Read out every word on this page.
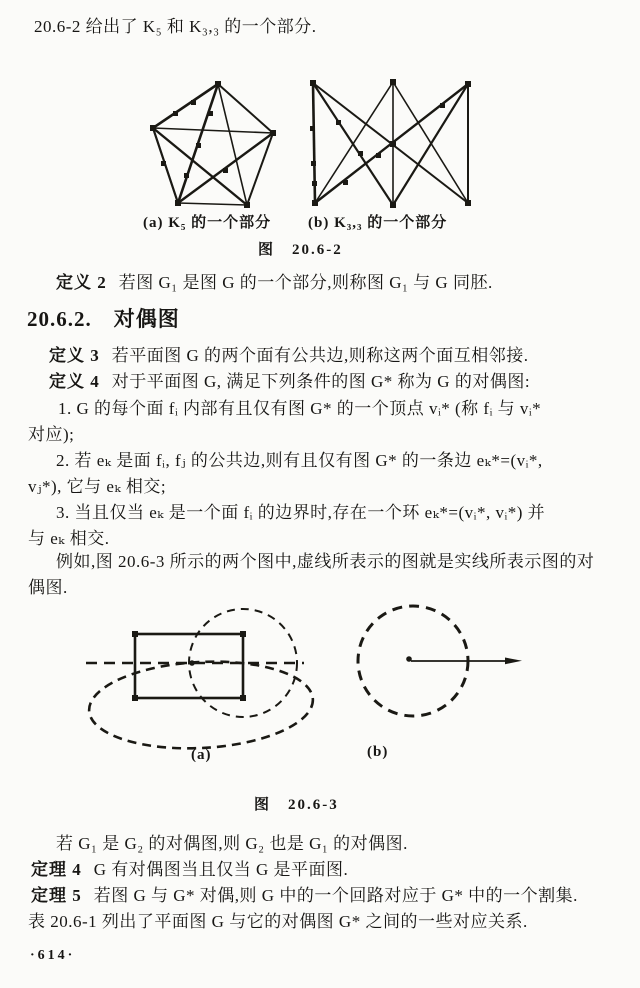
20.6-2 给出了 K₅ 和 K₃,₃ 的一个部分.
(a) K₅ 的一个部分 (b) K₃,₃ 的一个部分
图　20.6-2
定义 2 若图 G₁ 是图 G 的一个部分,则称图 G₁ 与 G 同胚.
20.6.2. 对偶图
定义 3 若平面图 G 的两个面有公共边,则称这两个面互相邻接.
定义 4 对于平面图 G, 满足下列条件的图 G* 称为 G 的对偶图:
1. G 的每个面 fᵢ 内部有且仅有图 G* 的一个顶点 vᵢ* (称 fᵢ 与 vᵢ*
对应);
2. 若 eₖ 是面 fᵢ, fⱼ 的公共边,则有且仅有图 G* 的一条边 eₖ*=(vᵢ*,
vⱼ*), 它与 eₖ 相交;
3. 当且仅当 eₖ 是一个面 fᵢ 的边界时,存在一个环 eₖ*=(vᵢ*, vᵢ*) 并
与 eₖ 相交.
例如,图 20.6-3 所示的两个图中,虚线所表示的图就是实线所表示图的对
偶图.
(a)	(b)
图　20.6-3
若 G₁ 是 G₂ 的对偶图,则 G₂ 也是 G₁ 的对偶图.
定理 4 G 有对偶图当且仅当 G 是平面图.
定理 5 若图 G 与 G* 对偶,则 G 中的一个回路对应于 G* 中的一个割集.
表 20.6-1 列出了平面图 G 与它的对偶图 G* 之间的一些对应关系.
·614·
